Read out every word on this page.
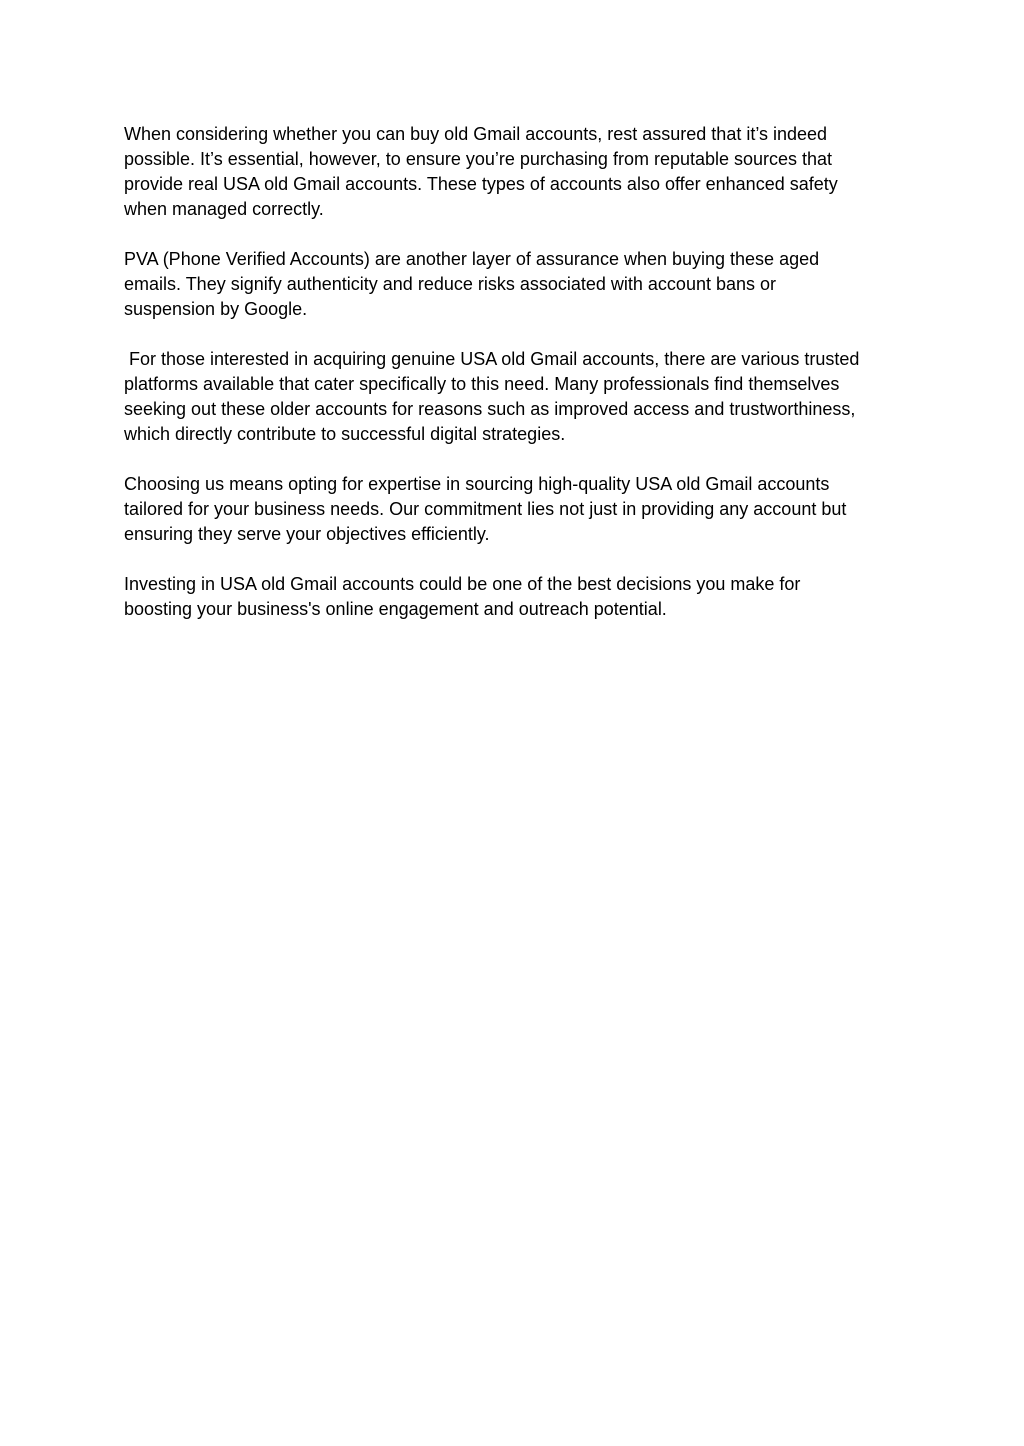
When considering whether you can buy old Gmail accounts, rest assured that it’s indeed
possible. It’s essential, however, to ensure you’re purchasing from reputable sources that
provide real USA old Gmail accounts. These types of accounts also offer enhanced safety
when managed correctly.

PVA (Phone Verified Accounts) are another layer of assurance when buying these aged
emails. They signify authenticity and reduce risks associated with account bans or
suspension by Google.

For those interested in acquiring genuine USA old Gmail accounts, there are various trusted
platforms available that cater specifically to this need. Many professionals find themselves
seeking out these older accounts for reasons such as improved access and trustworthiness,
which directly contribute to successful digital strategies.

Choosing us means opting for expertise in sourcing high-quality USA old Gmail accounts
tailored for your business needs. Our commitment lies not just in providing any account but
ensuring they serve your objectives efficiently.

Investing in USA old Gmail accounts could be one of the best decisions you make for
boosting your business's online engagement and outreach potential.
